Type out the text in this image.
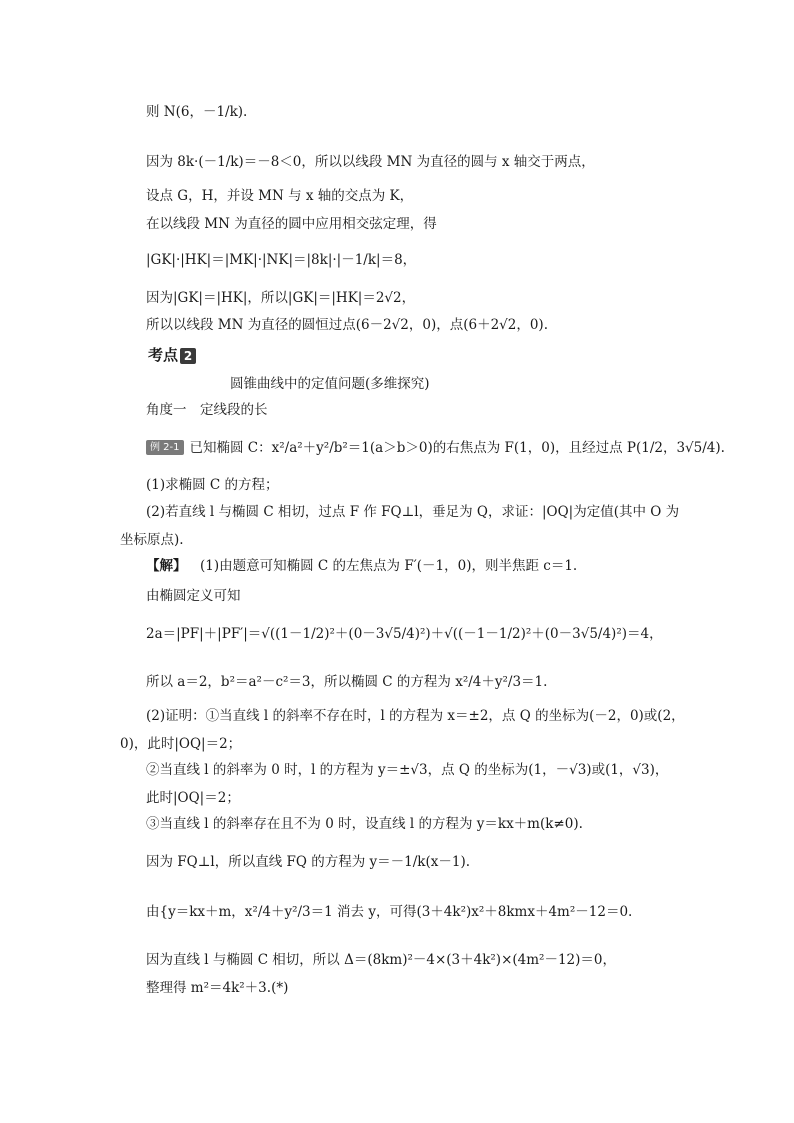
则 N(6，－1/k).
因为 8k·(－1/k)＝－8＜0，所以以线段 MN 为直径的圆与 x 轴交于两点，
设点 G，H，并设 MN 与 x 轴的交点为 K，
在以线段 MN 为直径的圆中应用相交弦定理，得
|GK|·|HK|＝|MK|·|NK|＝|8k|·|－1/k|＝8，
因为|GK|＝|HK|，所以|GK|＝|HK|＝2√2，
所以以线段 MN 为直径的圆恒过点(6－2√2，0)，点(6＋2√2，0).
考点 2
圆锥曲线中的定值问题(多维探究)
角度一　定线段的长
例 2-1 已知椭圆 C：x²/a²＋y²/b²＝1(a＞b＞0)的右焦点为 F(1，0)，且经过点 P(1/2，3√5/4).
(1)求椭圆 C 的方程；
(2)若直线 l 与椭圆 C 相切，过点 F 作 FQ⊥l，垂足为 Q，求证：|OQ|为定值(其中 O 为
坐标原点).
【解】  (1)由题意可知椭圆 C 的左焦点为 F′(－1，0)，则半焦距 c＝1.
由椭圆定义可知
2a＝|PF|＋|PF′|＝√((1－1/2)²＋(0－3√5/4)²)＋√((－1－1/2)²＋(0－3√5/4)²)＝4，
所以 a＝2，b²＝a²－c²＝3，所以椭圆 C 的方程为 x²/4＋y²/3＝1.
(2)证明：①当直线 l 的斜率不存在时，l 的方程为 x＝±2，点 Q 的坐标为(－2，0)或(2，
0)，此时|OQ|＝2；
②当直线 l 的斜率为 0 时，l 的方程为 y＝±√3，点 Q 的坐标为(1，－√3)或(1，√3)，
此时|OQ|＝2；
③当直线 l 的斜率存在且不为 0 时，设直线 l 的方程为 y＝kx＋m(k≠0).
因为 FQ⊥l，所以直线 FQ 的方程为 y＝－1/k(x－1).
由{y＝kx＋m，x²/4＋y²/3＝1 消去 y，可得(3＋4k²)x²＋8kmx＋4m²－12＝0.
因为直线 l 与椭圆 C 相切，所以 Δ＝(8km)²－4×(3＋4k²)×(4m²－12)＝0，
整理得 m²＝4k²＋3.(*)
